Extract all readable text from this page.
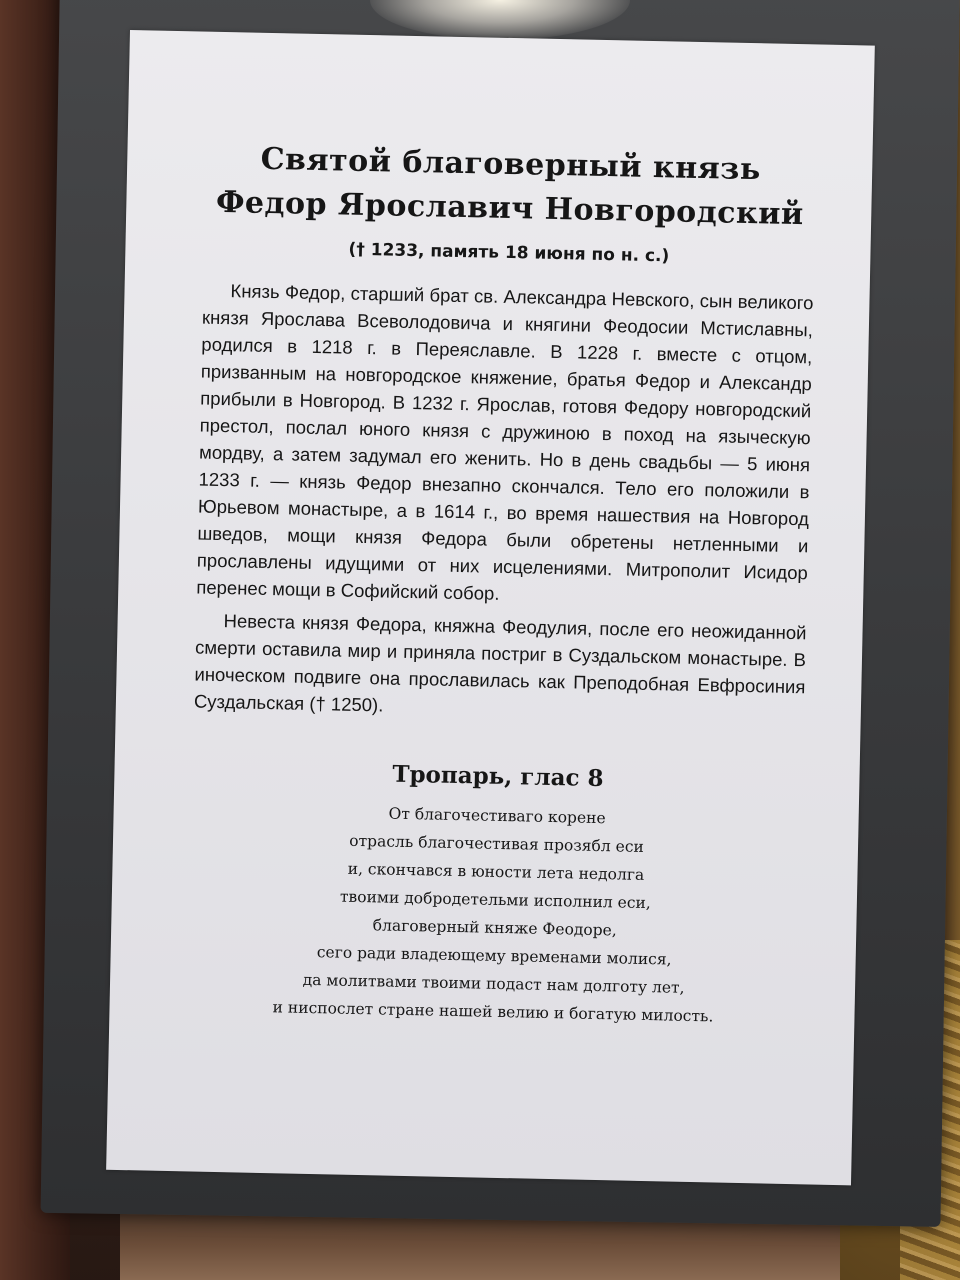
Святой благоверный князь
Федор Ярославич Новгородский
(† 1233, память 18 июня по н. с.)

Князь Федор, старший брат св. Александра Невского, сын великого князя Ярослава Всеволодовича и княгини Феодосии Мстиславны, родился в 1218 г. в Переяславле. В 1228 г. вместе с отцом, призванным на новгородское княжение, братья Федор и Александр прибыли в Новгород. В 1232 г. Ярослав, готовя Федору новгородский престол, послал юного князя с дружиною в поход на языческую мордву, а затем задумал его женить. Но в день свадьбы — 5 июня 1233 г. — князь Федор внезапно скончался. Тело его положили в Юрьевом монастыре, а в 1614 г., во время нашествия на Новгород шведов, мощи князя Федора были обретены нетленными и прославлены идущими от них исцелениями. Митрополит Исидор перенес мощи в Софийский собор.

Невеста князя Федора, княжна Феодулия, после его неожиданной смерти оставила мир и приняла постриг в Суздальском монастыре. В иноческом подвиге она прославилась как Преподобная Евфросиния Суздальская († 1250).

Тропарь, глас 8
От благочестиваго корене
отрасль благочестивая прозябл еси
и, скончався в юности лета недолга
твоими добродетельми исполнил еси,
благоверный княже Феодоре,
сего ради владеющему временами молися,
да молитвами твоими подаст нам долготу лет,
и ниспослет стране нашей велию и богатую милость.
